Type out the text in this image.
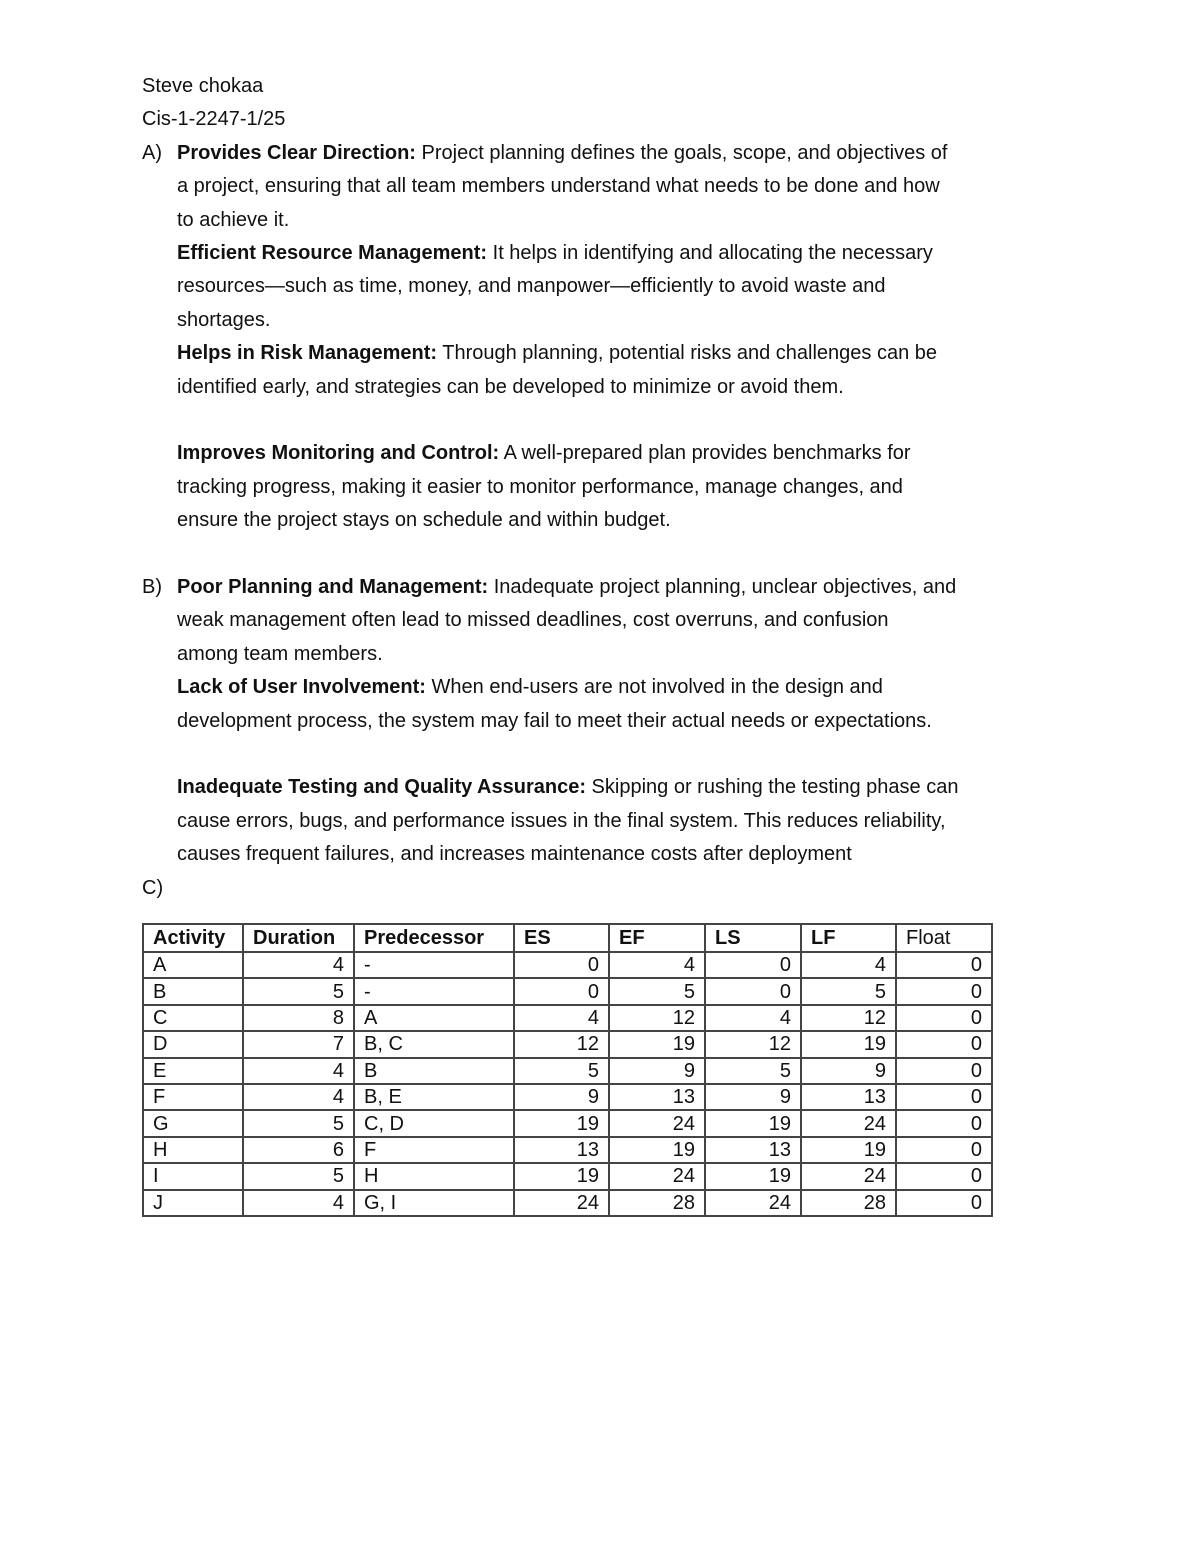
Steve chokaa
Cis-1-2247-1/25
A) Provides Clear Direction: Project planning defines the goals, scope, and objectives of
a project, ensuring that all team members understand what needs to be done and how
to achieve it.
Efficient Resource Management: It helps in identifying and allocating the necessary
resources—such as time, money, and manpower—efficiently to avoid waste and
shortages.
Helps in Risk Management: Through planning, potential risks and challenges can be
identified early, and strategies can be developed to minimize or avoid them.
Improves Monitoring and Control: A well-prepared plan provides benchmarks for
tracking progress, making it easier to monitor performance, manage changes, and
ensure the project stays on schedule and within budget.
B) Poor Planning and Management: Inadequate project planning, unclear objectives, and
weak management often lead to missed deadlines, cost overruns, and confusion
among team members.
Lack of User Involvement: When end-users are not involved in the design and
development process, the system may fail to meet their actual needs or expectations.
Inadequate Testing and Quality Assurance: Skipping or rushing the testing phase can
cause errors, bugs, and performance issues in the final system. This reduces reliability,
causes frequent failures, and increases maintenance costs after deployment
C)
Activity	Duration	Predecessor	ES	EF	LS	LF	Float
A	4	-	0	4	0	4	0
B	5	-	0	5	0	5	0
C	8	A	4	12	4	12	0
D	7	B, C	12	19	12	19	0
E	4	B	5	9	5	9	0
F	4	B, E	9	13	9	13	0
G	5	C, D	19	24	19	24	0
H	6	F	13	19	13	19	0
I	5	H	19	24	19	24	0
J	4	G, I	24	28	24	28	0
